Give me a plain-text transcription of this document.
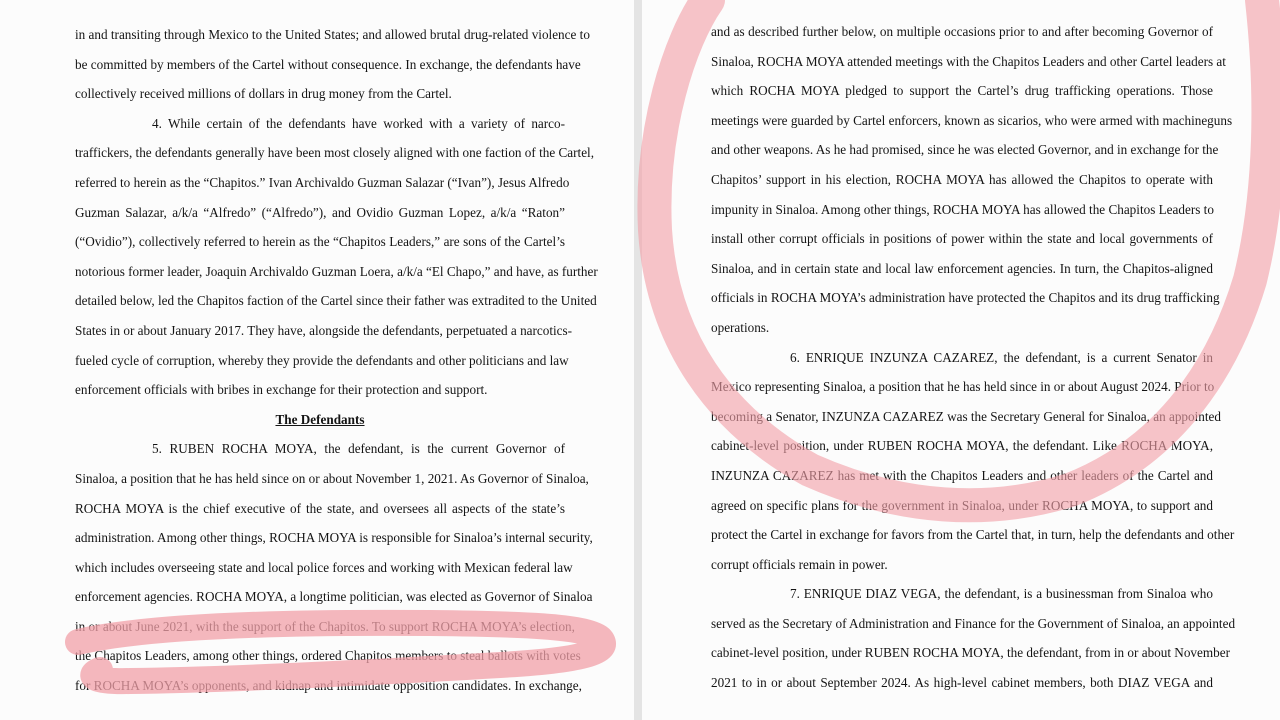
in and transiting through Mexico to the United States; and allowed brutal drug-related violence to
be committed by members of the Cartel without consequence. In exchange, the defendants have
collectively received millions of dollars in drug money from the Cartel.
4. While certain of the defendants have worked with a variety of narco-
traffickers, the defendants generally have been most closely aligned with one faction of the Cartel,
referred to herein as the “Chapitos.” Ivan Archivaldo Guzman Salazar (“Ivan”), Jesus Alfredo
Guzman Salazar, a/k/a “Alfredo” (“Alfredo”), and Ovidio Guzman Lopez, a/k/a “Raton”
(“Ovidio”), collectively referred to herein as the “Chapitos Leaders,” are sons of the Cartel’s
notorious former leader, Joaquin Archivaldo Guzman Loera, a/k/a “El Chapo,” and have, as further
detailed below, led the Chapitos faction of the Cartel since their father was extradited to the United
States in or about January 2017. They have, alongside the defendants, perpetuated a narcotics-
fueled cycle of corruption, whereby they provide the defendants and other politicians and law
enforcement officials with bribes in exchange for their protection and support.
The Defendants
5. RUBEN ROCHA MOYA, the defendant, is the current Governor of
Sinaloa, a position that he has held since on or about November 1, 2021. As Governor of Sinaloa,
ROCHA MOYA is the chief executive of the state, and oversees all aspects of the state’s
administration. Among other things, ROCHA MOYA is responsible for Sinaloa’s internal security,
which includes overseeing state and local police forces and working with Mexican federal law
enforcement agencies. ROCHA MOYA, a longtime politician, was elected as Governor of Sinaloa
in or about June 2021, with the support of the Chapitos. To support ROCHA MOYA’s election,
the Chapitos Leaders, among other things, ordered Chapitos members to steal ballots with votes
for ROCHA MOYA’s opponents, and kidnap and intimidate opposition candidates. In exchange,
and as described further below, on multiple occasions prior to and after becoming Governor of
Sinaloa, ROCHA MOYA attended meetings with the Chapitos Leaders and other Cartel leaders at
which ROCHA MOYA pledged to support the Cartel’s drug trafficking operations. Those
meetings were guarded by Cartel enforcers, known as sicarios, who were armed with machineguns
and other weapons. As he had promised, since he was elected Governor, and in exchange for the
Chapitos’ support in his election, ROCHA MOYA has allowed the Chapitos to operate with
impunity in Sinaloa. Among other things, ROCHA MOYA has allowed the Chapitos Leaders to
install other corrupt officials in positions of power within the state and local governments of
Sinaloa, and in certain state and local law enforcement agencies. In turn, the Chapitos-aligned
officials in ROCHA MOYA’s administration have protected the Chapitos and its drug trafficking
operations.
6. ENRIQUE INZUNZA CAZAREZ, the defendant, is a current Senator in
Mexico representing Sinaloa, a position that he has held since in or about August 2024. Prior to
becoming a Senator, INZUNZA CAZAREZ was the Secretary General for Sinaloa, an appointed
cabinet-level position, under RUBEN ROCHA MOYA, the defendant. Like ROCHA MOYA,
INZUNZA CAZAREZ has met with the Chapitos Leaders and other leaders of the Cartel and
agreed on specific plans for the government in Sinaloa, under ROCHA MOYA, to support and
protect the Cartel in exchange for favors from the Cartel that, in turn, help the defendants and other
corrupt officials remain in power.
7. ENRIQUE DIAZ VEGA, the defendant, is a businessman from Sinaloa who
served as the Secretary of Administration and Finance for the Government of Sinaloa, an appointed
cabinet-level position, under RUBEN ROCHA MOYA, the defendant, from in or about November
2021 to in or about September 2024. As high-level cabinet members, both DIAZ VEGA and
